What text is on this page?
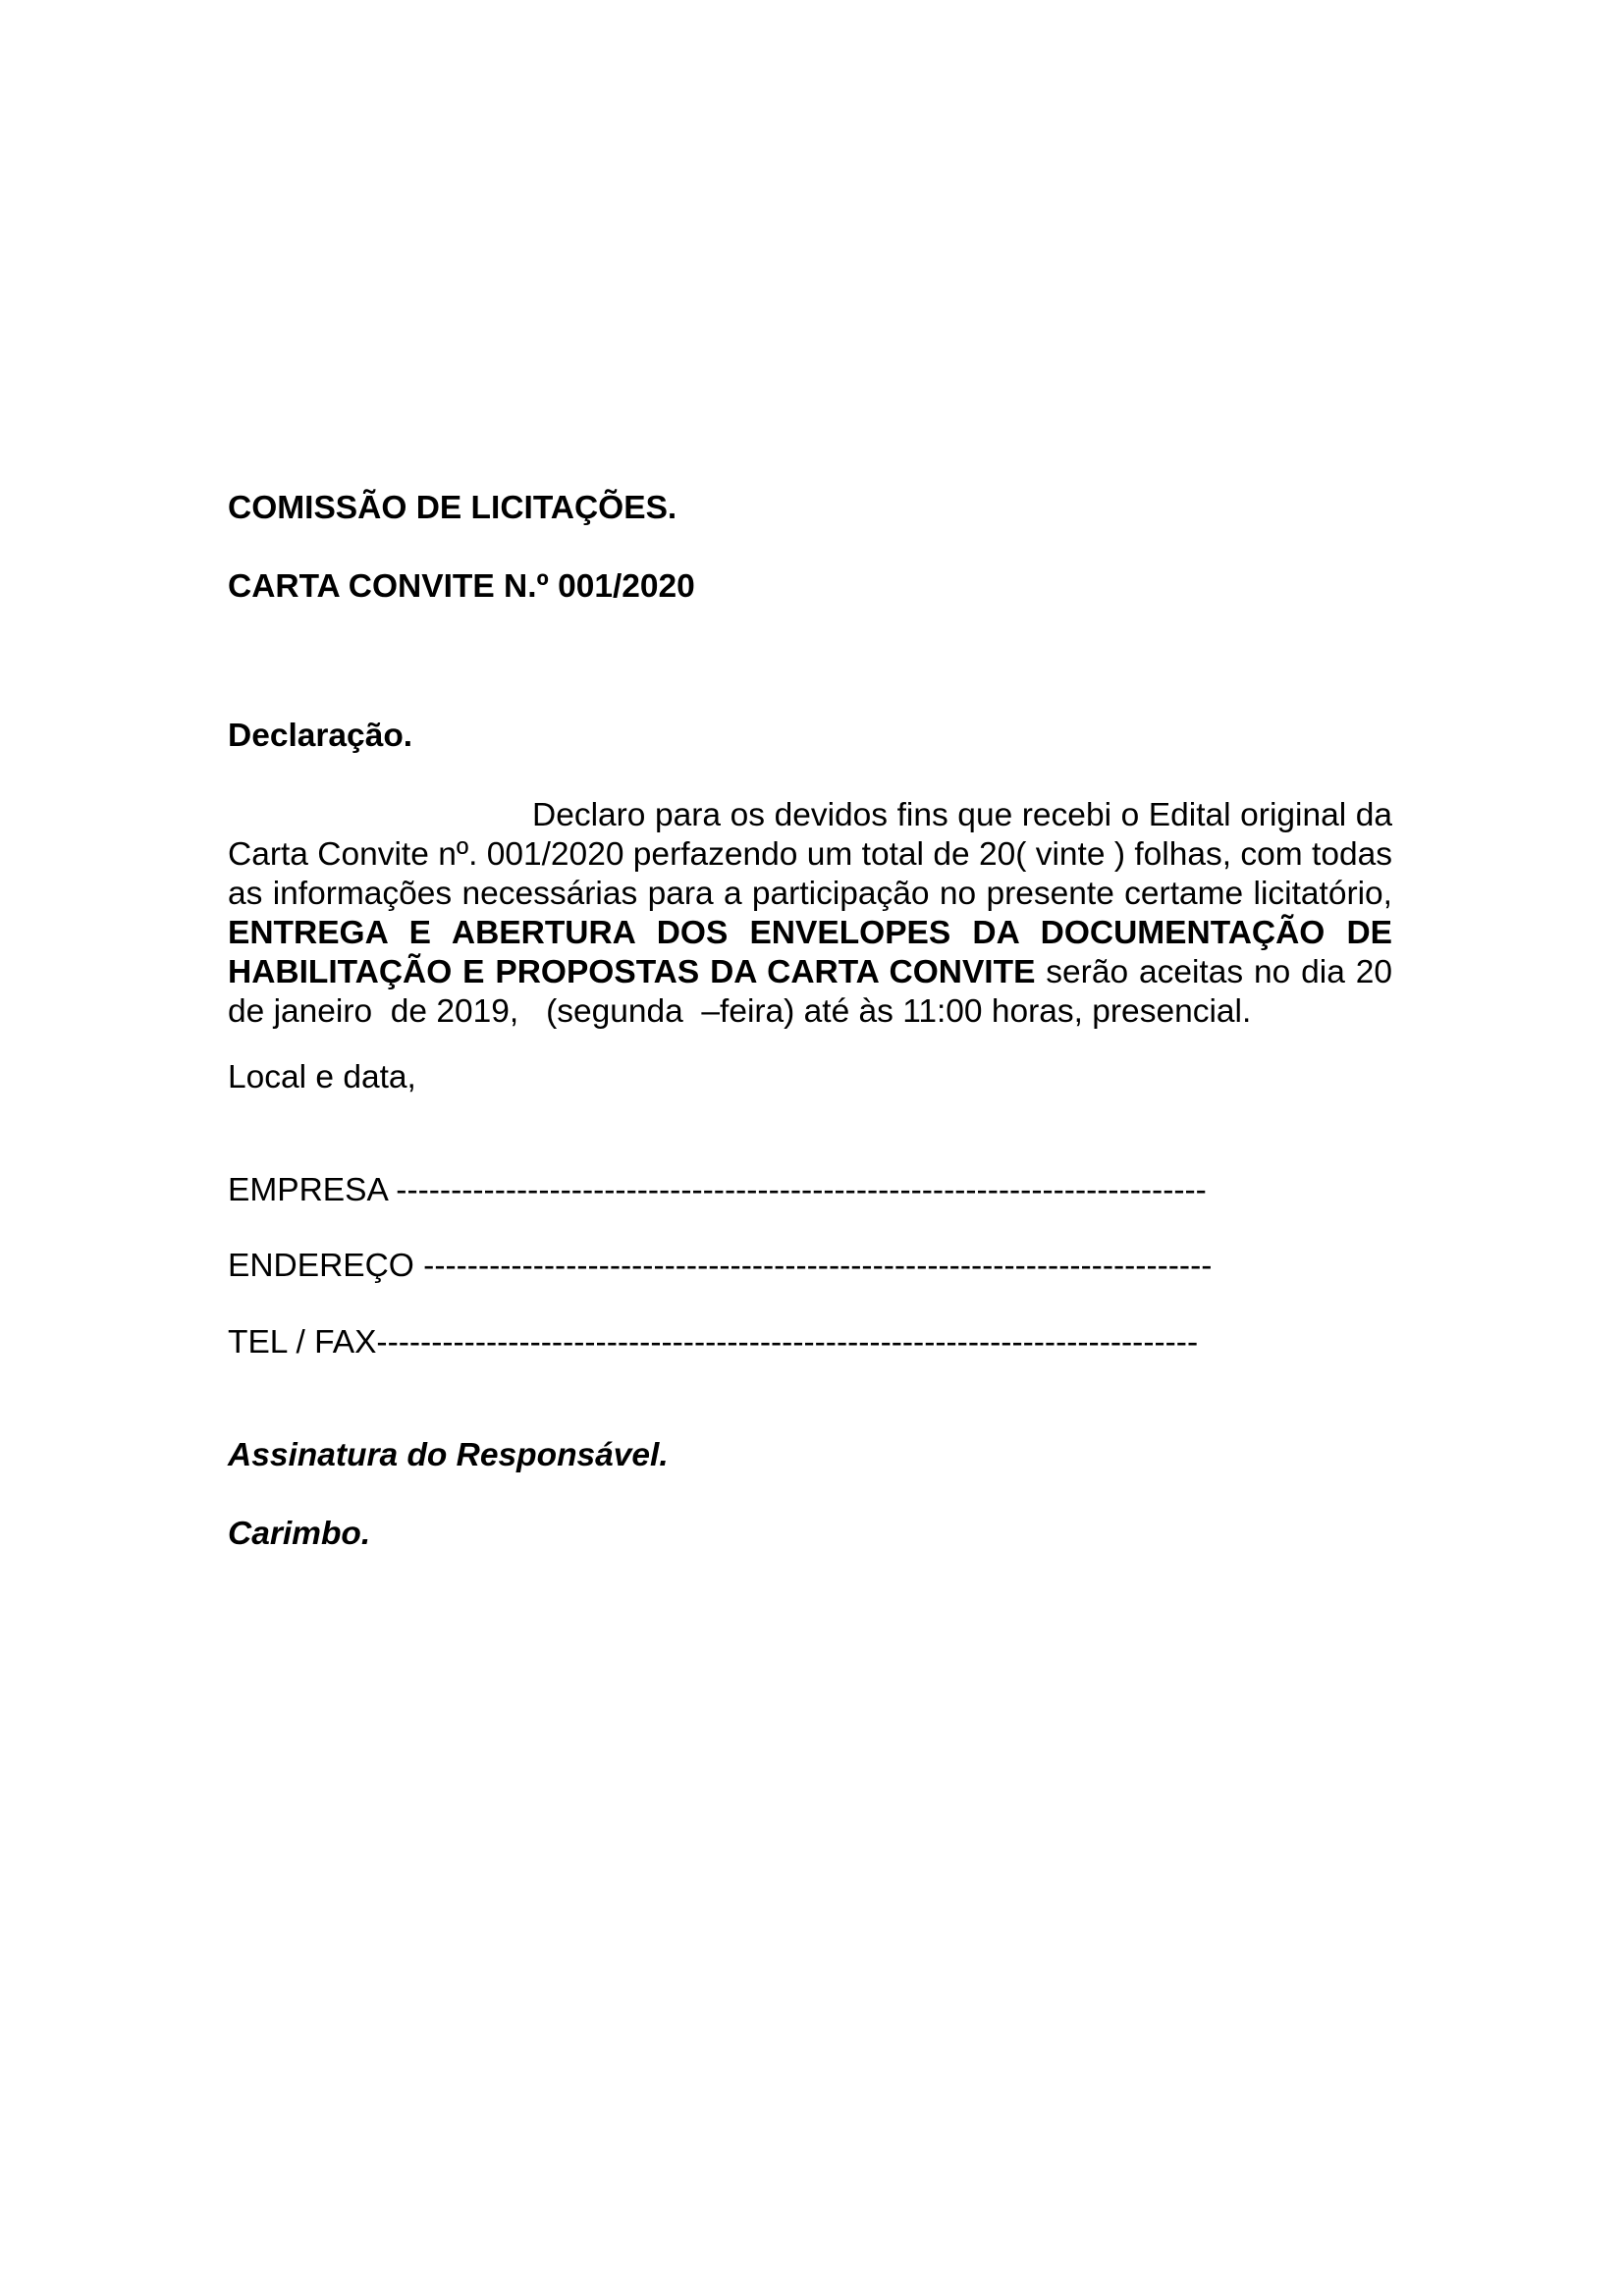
COMISSÃO DE LICITAÇÕES.
CARTA CONVITE N.º 001/2020
Declaração.
Declaro para os devidos fins que recebi o Edital original da
Carta Convite nº. 001/2020 perfazendo um total de 20( vinte ) folhas, com todas
as informações necessárias para a participação no presente certame licitatório,
ENTREGA E ABERTURA DOS ENVELOPES DA DOCUMENTAÇÃO DE
HABILITAÇÃO E PROPOSTAS DA CARTA CONVITE serão aceitas no dia 20
de janeiro  de 2019,   (segunda  –feira) até às 11:00 horas, presencial.
Local e data,
EMPRESA --------------------------------------------------------------------------
ENDEREÇO ------------------------------------------------------------------------
TEL / FAX---------------------------------------------------------------------------
Assinatura do Responsável.
Carimbo.
